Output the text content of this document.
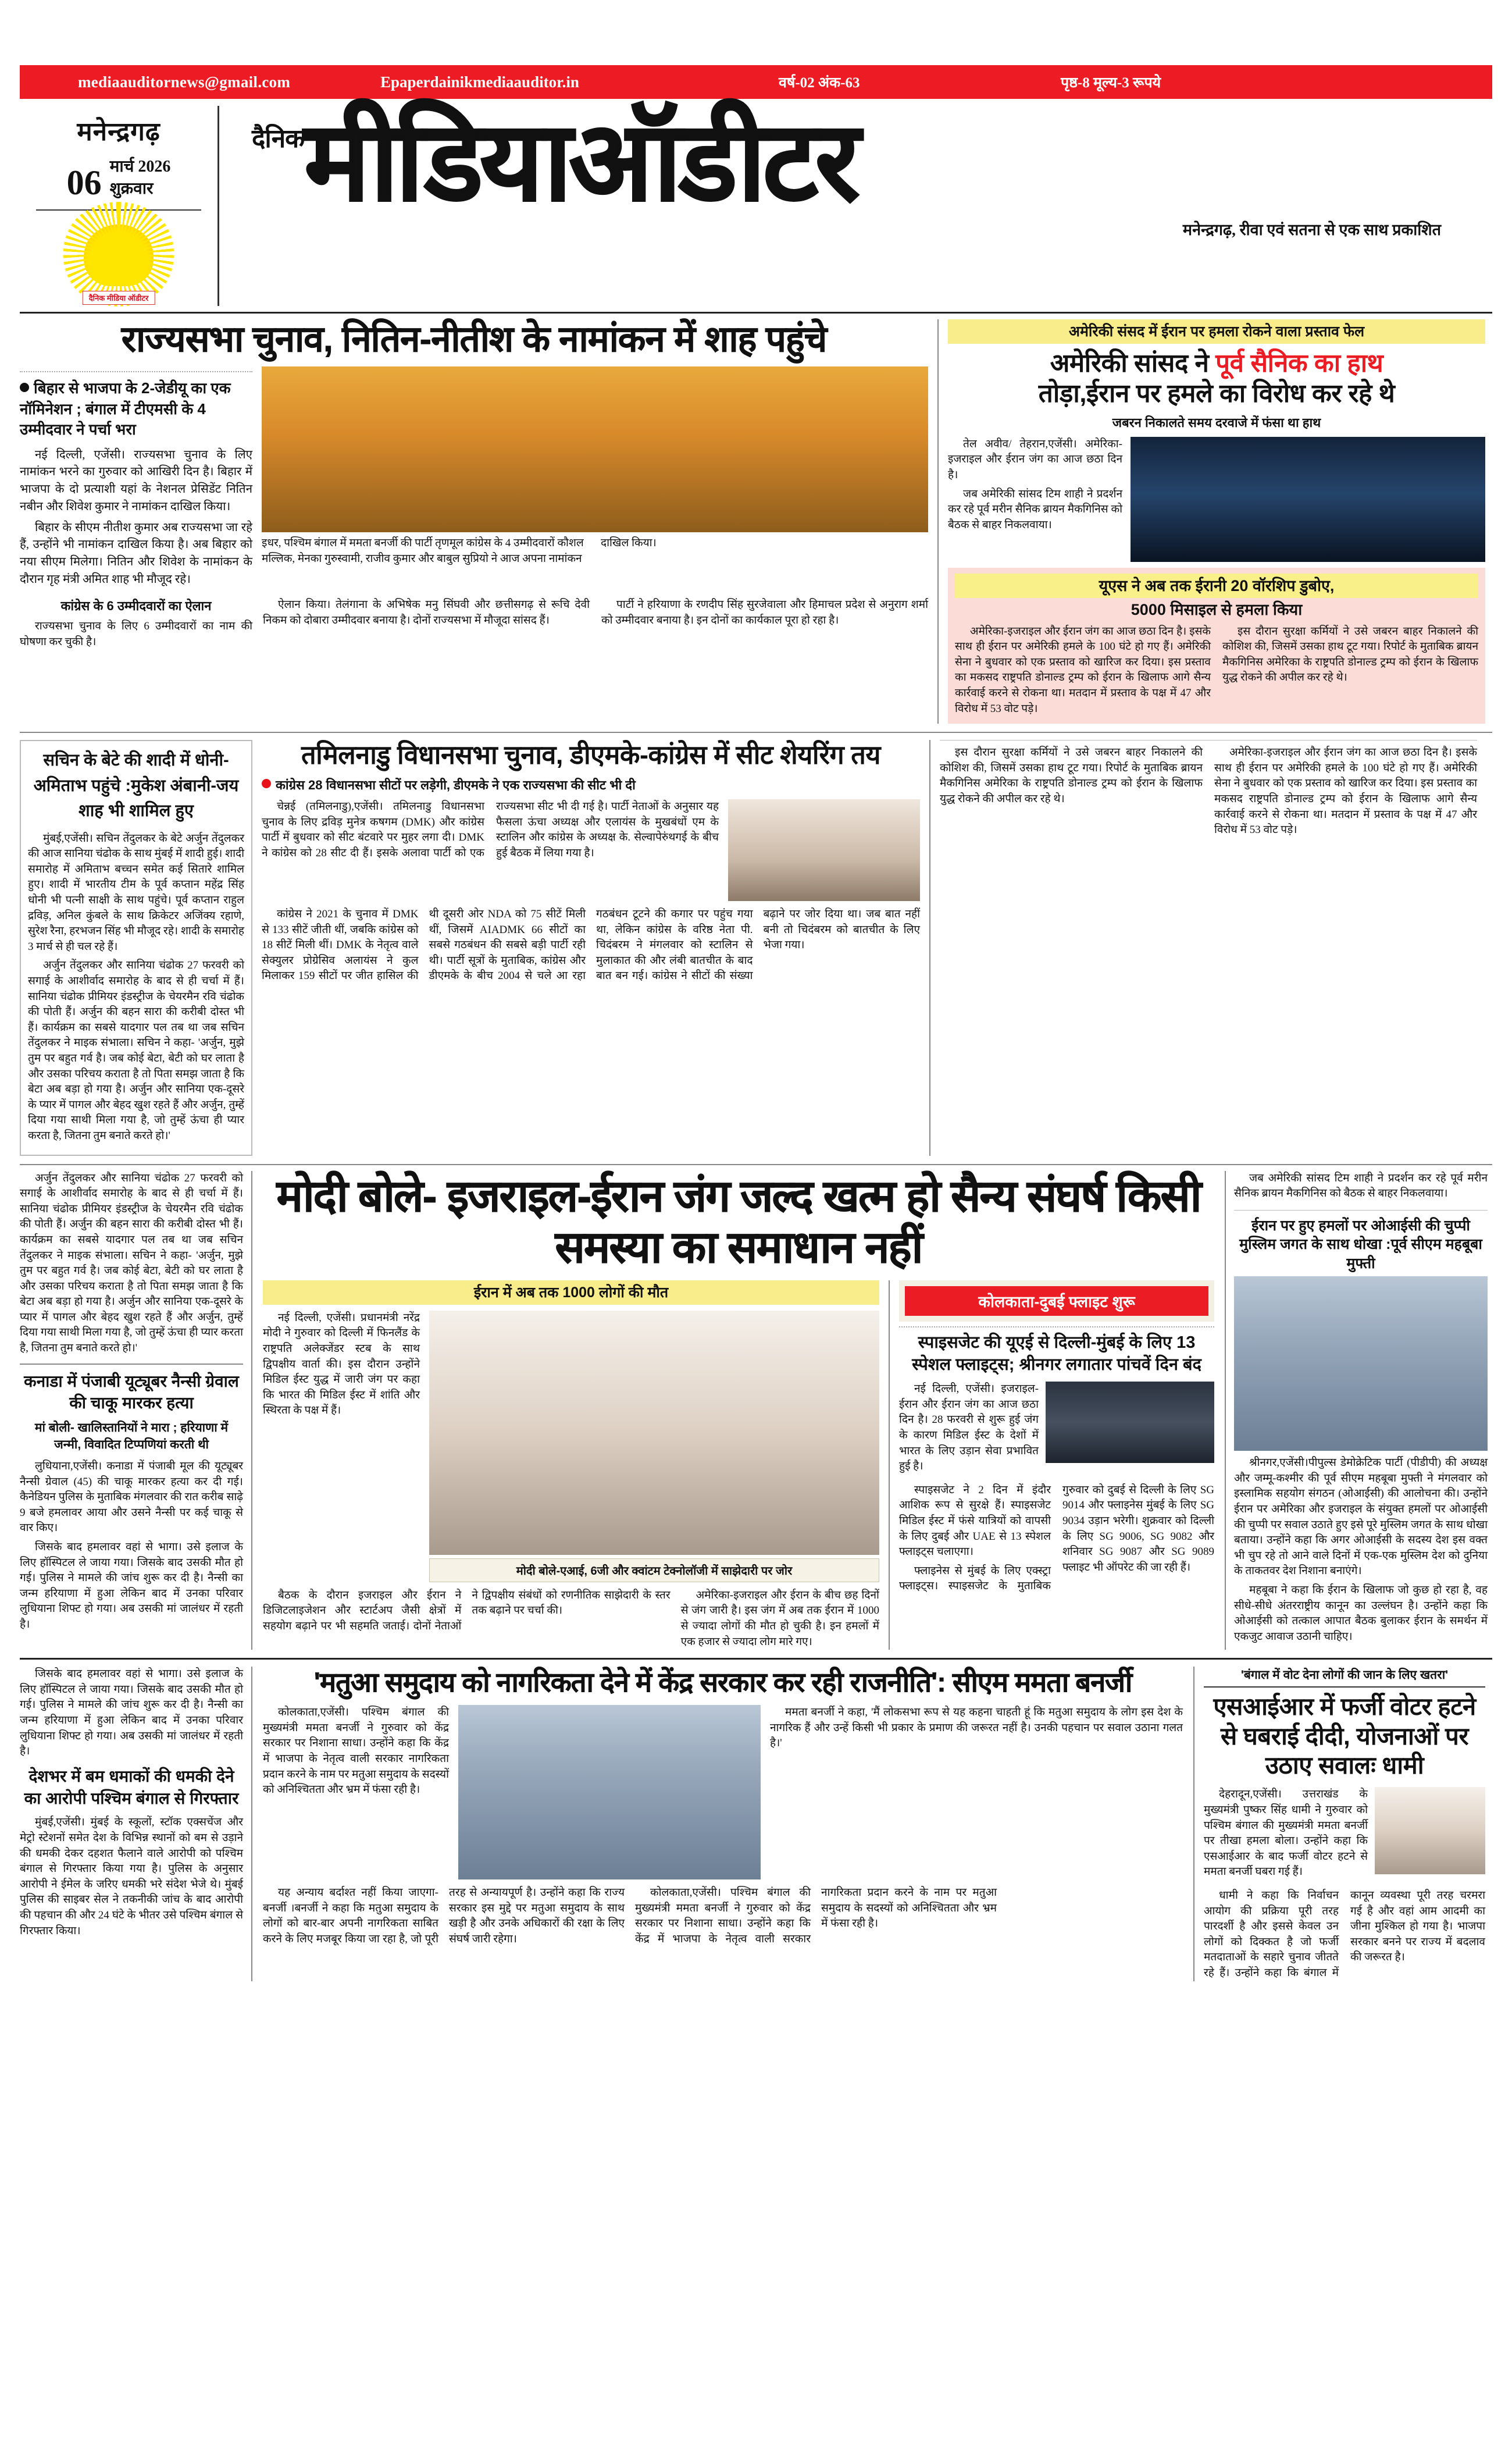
mediaauditornews@gmail.com	Epaperdainikmediaauditor.in	वर्ष-02 अंक-63	पृष्ठ-8 मूल्य-3 रूपये
मनेन्द्रगढ़
06 मार्च 2026
शुक्रवार
दैनिक मीडिया ऑडीटर
दैनिक मीडियाऑडीटर
मनेन्द्रगढ़, रीवा एवं सतना से एक साथ प्रकाशित
राज्यसभा चुनाव, नितिन-नीतीश के नामांकन में शाह पहुंचे
बिहार से भाजपा के 2-जेडीयू का एक नॉमिनेशन ; बंगाल में टीएमसी के 4 उम्मीदवार ने पर्चा भरा

नई दिल्ली, एजेंसी। राज्यसभा चुनाव के लिए नामांकन भरने का गुरुवार को आखिरी दिन है। बिहार में भाजपा के दो प्रत्याशी यहां के नेशनल प्रेसिडेंट नितिन नबीन और शिवेश कुमार ने नामांकन दाखिल किया।

बिहार के सीएम नीतीश कुमार अब राज्यसभा जा रहे हैं, उन्होंने भी नामांकन दाखिल किया है। अब बिहार को नया सीएम मिलेगा। नितिन और शिवेश के नामांकन के दौरान गृह मंत्री अमित शाह भी मौजूद रहे।

इधर, पश्चिम बंगाल में ममता बनर्जी की पार्टी तृणमूल कांग्रेस के 4 उम्मीदवारों कौशल मल्लिक, मेनका गुरुस्वामी, राजीव कुमार और बाबुल सुप्रियो ने आज अपना नामांकन दाखिल किया।
कांग्रेस के 6 उम्मीदवारों का ऐलान

राज्यसभा चुनाव के लिए 6 उम्मीदवारों का नाम की घोषणा कर चुकी है।

ऐलान किया। तेलंगाना के अभिषेक मनु सिंघवी और छत्तीसगढ़ से रूचि देवी निकम को दोबारा उम्मीदवार बनाया है। दोनों राज्यसभा में मौजूदा सांसद हैं।

पार्टी ने हरियाणा के रणदीप सिंह सुरजेवाला और हिमाचल प्रदेश से अनुराग शर्मा को उम्मीदवार बनाया है। इन दोनों का कार्यकाल पूरा हो रहा है।

अमेरिकी संसद में ईरान पर हमला रोकने वाला प्रस्ताव फेल
अमेरिकी सांसद ने पूर्व सैनिक का हाथ
तोड़ा,ईरान पर हमले का विरोध कर रहे थे
जबरन निकालते समय दरवाजे में फंसा था हाथ

तेल अवीव/ तेहरान,एजेंसी। अमेरिका-इजराइल और ईरान जंग का आज छठा दिन है।

जब अमेरिकी सांसद टिम शाही ने प्रदर्शन कर रहे पूर्व मरीन सैनिक ब्रायन मैकगिनिस को बैठक से बाहर निकलवाया।

यूएस ने अब तक ईरानी 20 वॉरशिप डुबोए,
5000 मिसाइल से हमला किया

अमेरिका-इजराइल और ईरान जंग का आज छठा दिन है। इसके साथ ही ईरान पर अमेरिकी हमले के 100 घंटे हो गए हैं। अमेरिकी सेना ने बुधवार को एक प्रस्ताव को खारिज कर दिया। इस प्रस्ताव का मकसद राष्ट्रपति डोनाल्ड ट्रम्प को ईरान के खिलाफ आगे सैन्य कार्रवाई करने से रोकना था। मतदान में प्रस्ताव के पक्ष में 47 और विरोध में 53 वोट पड़े।

इस दौरान सुरक्षा कर्मियों ने उसे जबरन बाहर निकालने की कोशिश की, जिसमें उसका हाथ टूट गया। रिपोर्ट के मुताबिक ब्रायन मैकगिनिस अमेरिका के राष्ट्रपति डोनाल्ड ट्रम्प को ईरान के खिलाफ युद्ध रोकने की अपील कर रहे थे।

सचिन के बेटे की शादी में धोनी-अमिताभ पहुंचे :मुकेश अंबानी-जय शाह भी शामिल हुए

मुंबई,एजेंसी। सचिन तेंदुलकर के बेटे अर्जुन तेंदुलकर की आज सानिया चंढोक के साथ मुंबई में शादी हुई। शादी समारोह में अमिताभ बच्चन समेत कई सितारे शामिल हुए। शादी में भारतीय टीम के पूर्व कप्तान महेंद्र सिंह धोनी भी पत्नी साक्षी के साथ पहुंचे। पूर्व कप्तान राहुल द्रविड़, अनिल कुंबले के साथ क्रिकेटर अजिंक्य रहाणे, सुरेश रैना, हरभजन सिंह भी मौजूद रहे। शादी के समारोह 3 मार्च से ही चल रहे हैं।

अर्जुन तेंदुलकर और सानिया चंढोक 27 फरवरी को सगाई के आशीर्वाद समारोह के बाद से ही चर्चा में हैं। सानिया चंढोक प्रीमियर इंडस्ट्रीज के चेयरमैन रवि चंढोक की पोती हैं। अर्जुन की बहन सारा की करीबी दोस्त भी हैं। कार्यक्रम का सबसे यादगार पल तब था जब सचिन तेंदुलकर ने माइक संभाला। सचिन ने कहा- 'अर्जुन, मुझे तुम पर बहुत गर्व है। जब कोई बेटा, बेटी को घर लाता है और उसका परिचय कराता है तो पिता समझ जाता है कि बेटा अब बड़ा हो गया है। अर्जुन और सानिया एक-दूसरे के प्यार में पागल और बेहद खुश रहते हैं और अर्जुन, तुम्हें दिया गया साथी मिला गया है, जो तुम्हें ऊंचा ही प्यार करता है, जितना तुम बनाते करते हो।'

तमिलनाडु विधानसभा चुनाव, डीएमके-कांग्रेस में सीट शेयरिंग तय
कांग्रेस 28 विधानसभा सीटों पर लड़ेगी, डीएमके ने एक राज्यसभा की सीट भी दी

चेन्नई (तमिलनाडु),एजेंसी। तमिलनाडु विधानसभा चुनाव के लिए द्रविड़ मुनेत्र कषगम (DMK) और कांग्रेस पार्टी में बुधवार को सीट बंटवारे पर मुहर लगा दी। DMK ने कांग्रेस को 28 सीट दी हैं। इसके अलावा पार्टी को एक राज्यसभा सीट भी दी गई है। पार्टी नेताओं के अनुसार यह फैसला ऊंचा अध्यक्ष और एलायंस के मुखबंधों एम के स्टालिन और कांग्रेस के अध्यक्ष के. सेल्वापेरुंथगई के बीच हुई बैठक में लिया गया है।

कांग्रेस ने 2021 के चुनाव में DMK से 133 सीटें जीती थीं, जबकि कांग्रेस को 18 सीटें मिली थीं। DMK के नेतृत्व वाले सेक्युलर प्रोग्रेसिव अलायंस ने कुल मिलाकर 159 सीटों पर जीत हासिल की थी दूसरी ओर NDA को 75 सीटें मिली थीं, जिसमें AIADMK 66 सीटों का सबसे गठबंधन की सबसे बड़ी पार्टी रही थी। पार्टी सूत्रों के मुताबिक, कांग्रेस और डीएमके के बीच 2004 से चले आ रहा गठबंधन टूटने की कगार पर पहुंच गया था, लेकिन कांग्रेस के वरिष्ठ नेता पी. चिदंबरम ने मंगलवार को स्टालिन से मुलाकात की और लंबी बातचीत के बाद बात बन गई। कांग्रेस ने सीटों की संख्या बढ़ाने पर जोर दिया था। जब बात नहीं बनी तो चिदंबरम को बातचीत के लिए भेजा गया।

इस दौरान सुरक्षा कर्मियों ने उसे जबरन बाहर निकालने की कोशिश की, जिसमें उसका हाथ टूट गया। रिपोर्ट के मुताबिक ब्रायन मैकगिनिस अमेरिका के राष्ट्रपति डोनाल्ड ट्रम्प को ईरान के खिलाफ युद्ध रोकने की अपील कर रहे थे।

अमेरिका-इजराइल और ईरान जंग का आज छठा दिन है। इसके साथ ही ईरान पर अमेरिकी हमले के 100 घंटे हो गए हैं। अमेरिकी सेना ने बुधवार को एक प्रस्ताव को खारिज कर दिया। इस प्रस्ताव का मकसद राष्ट्रपति डोनाल्ड ट्रम्प को ईरान के खिलाफ आगे सैन्य कार्रवाई करने से रोकना था। मतदान में प्रस्ताव के पक्ष में 47 और विरोध में 53 वोट पड़े।

अर्जुन तेंदुलकर और सानिया चंढोक 27 फरवरी को सगाई के आशीर्वाद समारोह के बाद से ही चर्चा में हैं। सानिया चंढोक प्रीमियर इंडस्ट्रीज के चेयरमैन रवि चंढोक की पोती हैं। अर्जुन की बहन सारा की करीबी दोस्त भी हैं। कार्यक्रम का सबसे यादगार पल तब था जब सचिन तेंदुलकर ने माइक संभाला। सचिन ने कहा- 'अर्जुन, मुझे तुम पर बहुत गर्व है। जब कोई बेटा, बेटी को घर लाता है और उसका परिचय कराता है तो पिता समझ जाता है कि बेटा अब बड़ा हो गया है। अर्जुन और सानिया एक-दूसरे के प्यार में पागल और बेहद खुश रहते हैं और अर्जुन, तुम्हें दिया गया साथी मिला गया है, जो तुम्हें ऊंचा ही प्यार करता है, जितना तुम बनाते करते हो।'

कनाडा में पंजाबी यूट्यूबर नैन्सी ग्रेवाल की चाकू मारकर हत्या
मां बोली- खालिस्तानियों ने मारा ; हरियाणा में जन्मी, विवादित टिप्पणियां करती थी

लुधियाना,एजेंसी। कनाडा में पंजाबी मूल की यूट्यूबर नैन्सी ग्रेवाल (45) की चाकू मारकर हत्या कर दी गई। कैनेडियन पुलिस के मुताबिक मंगलवार की रात करीब साढ़े 9 बजे हमलावर आया और उसने नैन्सी पर कई चाकू से वार किए।

जिसके बाद हमलावर वहां से भागा। उसे इलाज के लिए हॉस्पिटल ले जाया गया। जिसके बाद उसकी मौत हो गई। पुलिस ने मामले की जांच शुरू कर दी है। नैन्सी का जन्म हरियाणा में हुआ लेकिन बाद में उनका परिवार लुधियाना शिफ्ट हो गया। अब उसकी मां जालंधर में रहती है।

मोदी बोले- इजराइल-ईरान जंग जल्द खत्म हो सैन्य संघर्ष किसी समस्या का समाधान नहीं
ईरान में अब तक 1000 लोगों की मौत

नई दिल्ली, एजेंसी। प्रधानमंत्री नरेंद्र मोदी ने गुरुवार को दिल्ली में फिनलैंड के राष्ट्रपति अलेक्जेंडर स्टब के साथ द्विपक्षीय वार्ता की। इस दौरान उन्होंने मिडिल ईस्ट युद्ध में जारी जंग पर कहा कि भारत की मिडिल ईस्ट में शांति और स्थिरता के पक्ष में हैं।

मोदी बोले-एआई, 6जी और क्वांटम टेक्नोलॉजी में साझेदारी पर जोर

बैठक के दौरान इजराइल और ईरान ने डिजिटलाइजेशन और स्टार्टअप जैसी क्षेत्रों में सहयोग बढ़ाने पर भी सहमति जताई। दोनों नेताओं ने द्विपक्षीय संबंधों को रणनीतिक साझेदारी के स्तर तक बढ़ाने पर चर्चा की।

अमेरिका-इजराइल और ईरान के बीच छह दिनों से जंग जारी है। इस जंग में अब तक ईरान में 1000 से ज्यादा लोगों की मौत हो चुकी है। इन हमलों में एक हजार से ज्यादा लोग मारे गए।

कोलकाता-दुबई फ्लाइट शुरू
स्पाइसजेट की यूएई से दिल्ली-मुंबई के लिए 13 स्पेशल फ्लाइट्स; श्रीनगर लगातार पांचवें दिन बंद

नई दिल्ली, एजेंसी। इजराइल-ईरान और ईरान जंग का आज छठा दिन है। 28 फरवरी से शुरू हुई जंग के कारण मिडिल ईस्ट के देशों में भारत के लिए उड़ान सेवा प्रभावित हुई है।

स्पाइसजेट ने 2 दिन में इंदौर आशिक रूप से सुरक्षे हैं। स्पाइसजेट मिडिल ईस्ट में फंसे यात्रियों को वापसी के लिए दुबई और UAE से 13 स्पेशल फ्लाइट्स चलाएगा।

फ्लाइनेस से मुंबई के लिए एक्स्ट्रा फ्लाइट्स। स्पाइसजेट के मुताबिक गुरुवार को दुबई से दिल्ली के लिए SG 9014 और फ्लाइनेस मुंबई के लिए SG 9034 उड़ान भरेगी। शुक्रवार को दिल्ली के लिए SG 9006, SG 9082 और शनिवार SG 9087 और SG 9089 फ्लाइट भी ऑपरेट की जा रही हैं।

जब अमेरिकी सांसद टिम शाही ने प्रदर्शन कर रहे पूर्व मरीन सैनिक ब्रायन मैकगिनिस को बैठक से बाहर निकलवाया।

ईरान पर हुए हमलों पर ओआईसी की चुप्पी मुस्लिम जगत के साथ धोखा :पूर्व सीएम महबूबा मुफ्ती

श्रीनगर,एजेंसी।पीपुल्स डेमोक्रेटिक पार्टी (पीडीपी) की अध्यक्ष और जम्मू-कश्मीर की पूर्व सीएम महबूबा मुफ्ती ने मंगलवार को इस्लामिक सहयोग संगठन (ओआईसी) की आलोचना की। उन्होंने ईरान पर अमेरिका और इजराइल के संयुक्त हमलों पर ओआईसी की चुप्पी पर सवाल उठाते हुए इसे पूरे मुस्लिम जगत के साथ धोखा बताया। उन्होंने कहा कि अगर ओआईसी के सदस्य देश इस वक्त भी चुप रहे तो आने वाले दिनों में एक-एक मुस्लिम देश को दुनिया के ताकतवर देश निशाना बनाएंगे।

महबूबा ने कहा कि ईरान के खिलाफ जो कुछ हो रहा है, वह सीधे-सीधे अंतरराष्ट्रीय कानून का उल्लंघन है। उन्होंने कहा कि ओआईसी को तत्काल आपात बैठक बुलाकर ईरान के समर्थन में एकजुट आवाज उठानी चाहिए।

जिसके बाद हमलावर वहां से भागा। उसे इलाज के लिए हॉस्पिटल ले जाया गया। जिसके बाद उसकी मौत हो गई। पुलिस ने मामले की जांच शुरू कर दी है। नैन्सी का जन्म हरियाणा में हुआ लेकिन बाद में उनका परिवार लुधियाना शिफ्ट हो गया। अब उसकी मां जालंधर में रहती है।

देशभर में बम धमाकों की धमकी देने का आरोपी पश्चिम बंगाल से गिरफ्तार

मुंबई,एजेंसी। मुंबई के स्कूलों, स्टॉक एक्सचेंज और मेट्रो स्टेशनों समेत देश के विभिन्न स्थानों को बम से उड़ाने की धमकी देकर दहशत फैलाने वाले आरोपी को पश्चिम बंगाल से गिरफ्तार किया गया है। पुलिस के अनुसार आरोपी ने ईमेल के जरिए धमकी भरे संदेश भेजे थे। मुंबई पुलिस की साइबर सेल ने तकनीकी जांच के बाद आरोपी की पहचान की और 24 घंटे के भीतर उसे पश्चिम बंगाल से गिरफ्तार किया।

'मतुआ समुदाय को नागरिकता देने में केंद्र सरकार कर रही राजनीति': सीएम ममता बनर्जी

कोलकाता,एजेंसी। पश्चिम बंगाल की मुख्यमंत्री ममता बनर्जी ने गुरुवार को केंद्र सरकार पर निशाना साधा। उन्होंने कहा कि केंद्र में भाजपा के नेतृत्व वाली सरकार नागरिकता प्रदान करने के नाम पर मतुआ समुदाय के सदस्यों को अनिश्चितता और भ्रम में फंसा रही है।

ममता बनर्जी ने कहा, 'मैं लोकसभा रूप से यह कहना चाहती हूं कि मतुआ समुदाय के लोग इस देश के नागरिक हैं और उन्हें किसी भी प्रकार के प्रमाण की जरूरत नहीं है। उनकी पहचान पर सवाल उठाना गलत है।'

यह अन्याय बर्दाश्त नहीं किया जाएगा-बनर्जी ।बनर्जी ने कहा कि मतुआ समुदाय के लोगों को बार-बार अपनी नागरिकता साबित करने के लिए मजबूर किया जा रहा है, जो पूरी तरह से अन्यायपूर्ण है। उन्होंने कहा कि राज्य सरकार इस मुद्दे पर मतुआ समुदाय के साथ खड़ी है और उनके अधिकारों की रक्षा के लिए संघर्ष जारी रहेगा।

कोलकाता,एजेंसी। पश्चिम बंगाल की मुख्यमंत्री ममता बनर्जी ने गुरुवार को केंद्र सरकार पर निशाना साधा। उन्होंने कहा कि केंद्र में भाजपा के नेतृत्व वाली सरकार नागरिकता प्रदान करने के नाम पर मतुआ समुदाय के सदस्यों को अनिश्चितता और भ्रम में फंसा रही है।

'बंगाल में वोट देना लोगों की जान के लिए खतरा'
एसआईआर में फर्जी वोटर हटने से घबराई दीदी, योजनाओं पर उठाए सवालः धामी

देहरादून,एजेंसी। उत्तराखंड के मुख्यमंत्री पुष्कर सिंह धामी ने गुरुवार को पश्चिम बंगाल की मुख्यमंत्री ममता बनर्जी पर तीखा हमला बोला। उन्होंने कहा कि एसआईआर के बाद फर्जी वोटर हटने से ममता बनर्जी घबरा गई हैं।

धामी ने कहा कि निर्वाचन आयोग की प्रक्रिया पूरी तरह पारदर्शी है और इससे केवल उन लोगों को दिक्कत है जो फर्जी मतदाताओं के सहारे चुनाव जीतते रहे हैं। उन्होंने कहा कि बंगाल में कानून व्यवस्था पूरी तरह चरमरा गई है और वहां आम आदमी का जीना मुश्किल हो गया है। भाजपा सरकार बनने पर राज्य में बदलाव की जरूरत है।
